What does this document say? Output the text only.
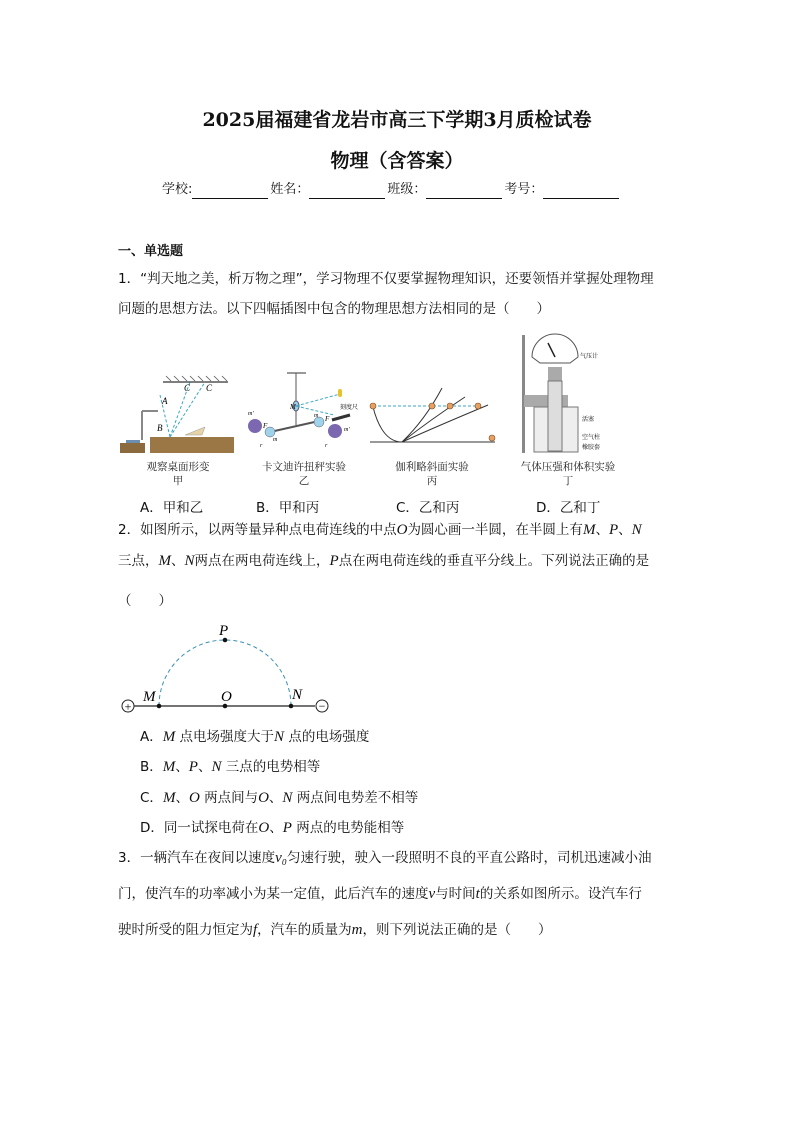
2025届福建省龙岩市高三下学期3月质检试卷
物理（含答案）
学校:	姓名：	班级：	考号：
一、单选题
1．“判天地之美，析万物之理”，学习物理不仅要掌握物理知识，还要领悟并掌握处理物理
问题的思想方法。以下四幅插图中包含的物理思想方法相同的是（　　）
A
B
C C
M
m'
F
m
r
m F
m'
r
刻度尺
气压计
活塞
空气柱
橡胶套
观察桌面形变
甲
卡文迪许扭秤实验
乙
伽利略斜面实验
丙
气体压强和体积实验
丁
A．甲和乙	B．甲和丙	C．乙和丙	D．乙和丁
2．如图所示，以两等量异种点电荷连线的中点O为圆心画一半圆，在半圆上有M、P、N
三点，M、N两点在两电荷连线上，P点在两电荷连线的垂直平分线上。下列说法正确的是
（　　）
+	−
P
M	O	N
A．M 点电场强度大于N 点的电场强度
B．M、P、N 三点的电势相等
C．M、O 两点间与O、N 两点间电势差不相等
D．同一试探电荷在O、P 两点的电势能相等
3．一辆汽车在夜间以速度v₀匀速行驶，驶入一段照明不良的平直公路时，司机迅速减小油
门，使汽车的功率减小为某一定值，此后汽车的速度v与时间t的关系如图所示。设汽车行
驶时所受的阻力恒定为f，汽车的质量为m，则下列说法正确的是（　　）
